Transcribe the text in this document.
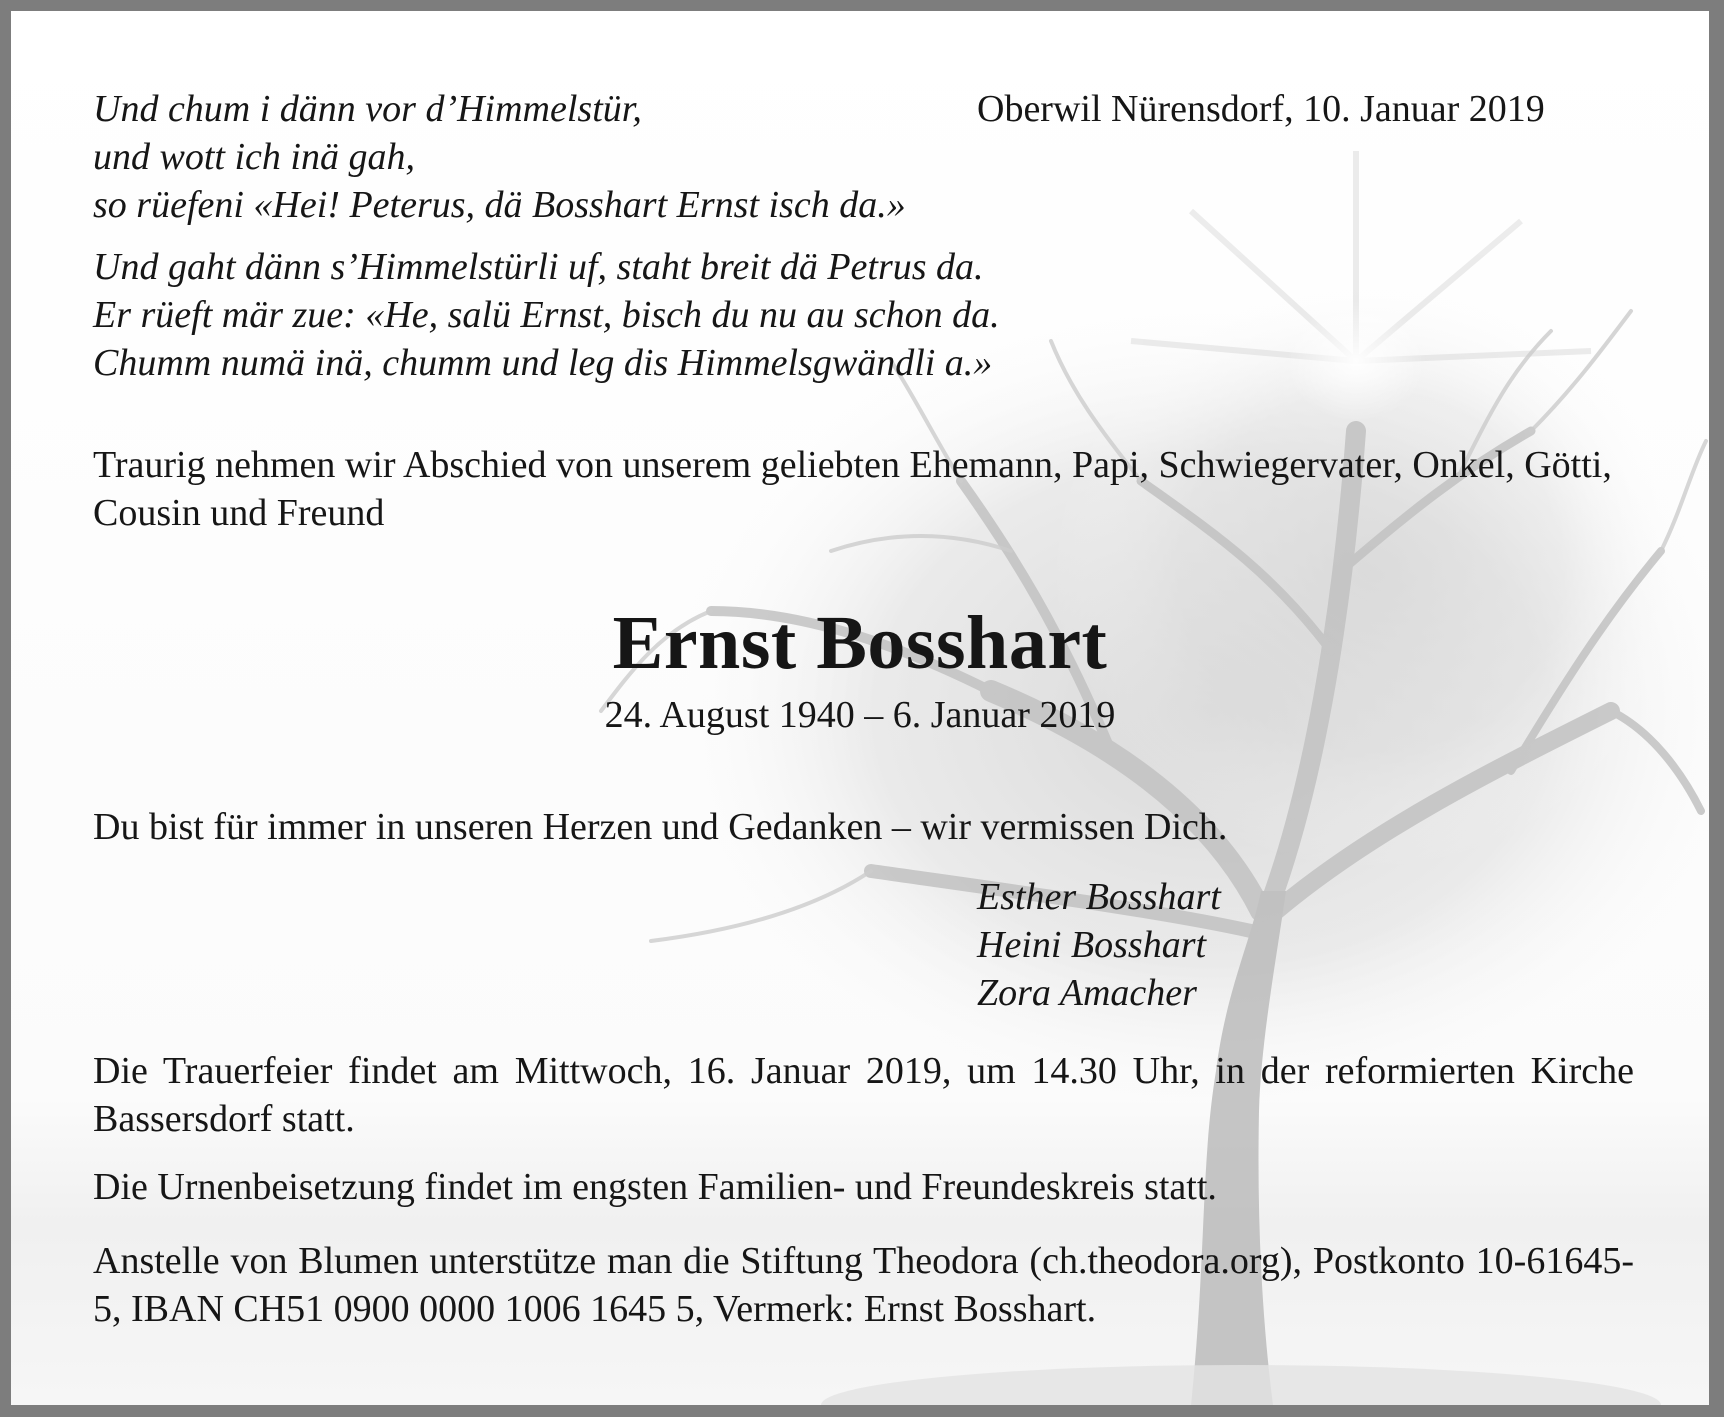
Oberwil Nürensdorf, 10. Januar 2019

Und chum i dänn vor d’Himmelstür,
und wott ich inä gah,
so rüefeni «Hei! Peterus, dä Bosshart Ernst isch da.»
Und gaht dänn s’Himmelstürli uf, staht breit dä Petrus da.
Er rüeft mär zue: «He, salü Ernst, bisch du nu au schon da.
Chumm numä inä, chumm und leg dis Himmelsgwändli a.»

Traurig nehmen wir Abschied von unserem geliebten Ehemann, Papi, Schwiegervater, Onkel, Götti, Cousin und Freund

Ernst Bosshart

24. August 1940 – 6. Januar 2019

Du bist für immer in unseren Herzen und Gedanken – wir vermissen Dich.

Esther Bosshart
Heini Bosshart
Zora Amacher

Die Trauerfeier findet am Mittwoch, 16. Januar 2019, um 14.30 Uhr, in der reformierten Kirche Bassersdorf statt.

Die Urnenbeisetzung findet im engsten Familien- und Freundeskreis statt.

Anstelle von Blumen unterstütze man die Stiftung Theodora (ch.theodora.org), Postkonto 10-61645-5, IBAN CH51 0900 0000 1006 1645 5, Vermerk: Ernst Bosshart.
